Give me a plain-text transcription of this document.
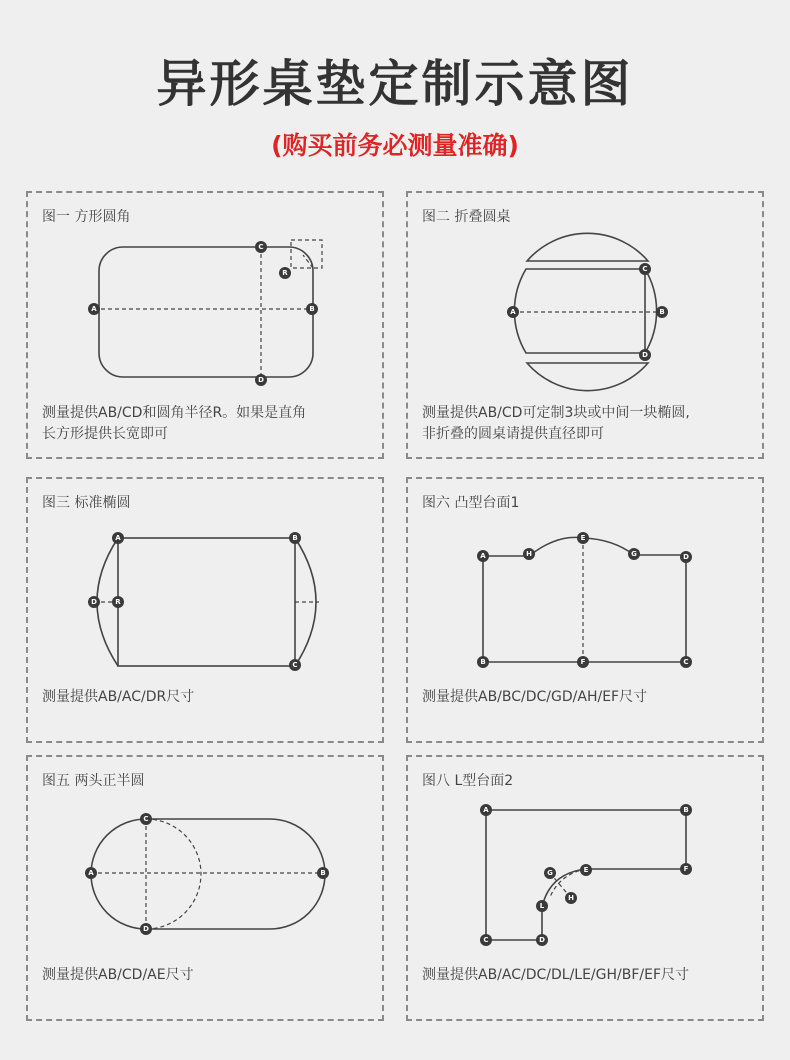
异形桌垫定制示意图
(购买前务必测量准确)
图一 方形圆角
A	B
C
D
R

测量提供AB/CD和圆角半径R。如果是直角
长方形提供长宽即可

图二 折叠圆桌
A	B
C
D

测量提供AB/CD可定制3块或中间一块椭圆,
非折叠的圆桌请提供直径即可

图三 标准椭圆
A	B
C
D	R

测量提供AB/AC/DR尺寸

图六 凸型台面1
A	H
E
G	D
B	F	C

测量提供AB/BC/DC/GD/AH/EF尺寸

图五 两头正半圆
A	B
C
D

测量提供AB/CD/AE尺寸

图八 L型台面2
A	B
F
E
G
H
L
C	D

测量提供AB/AC/DC/DL/LE/GH/BF/EF尺寸
